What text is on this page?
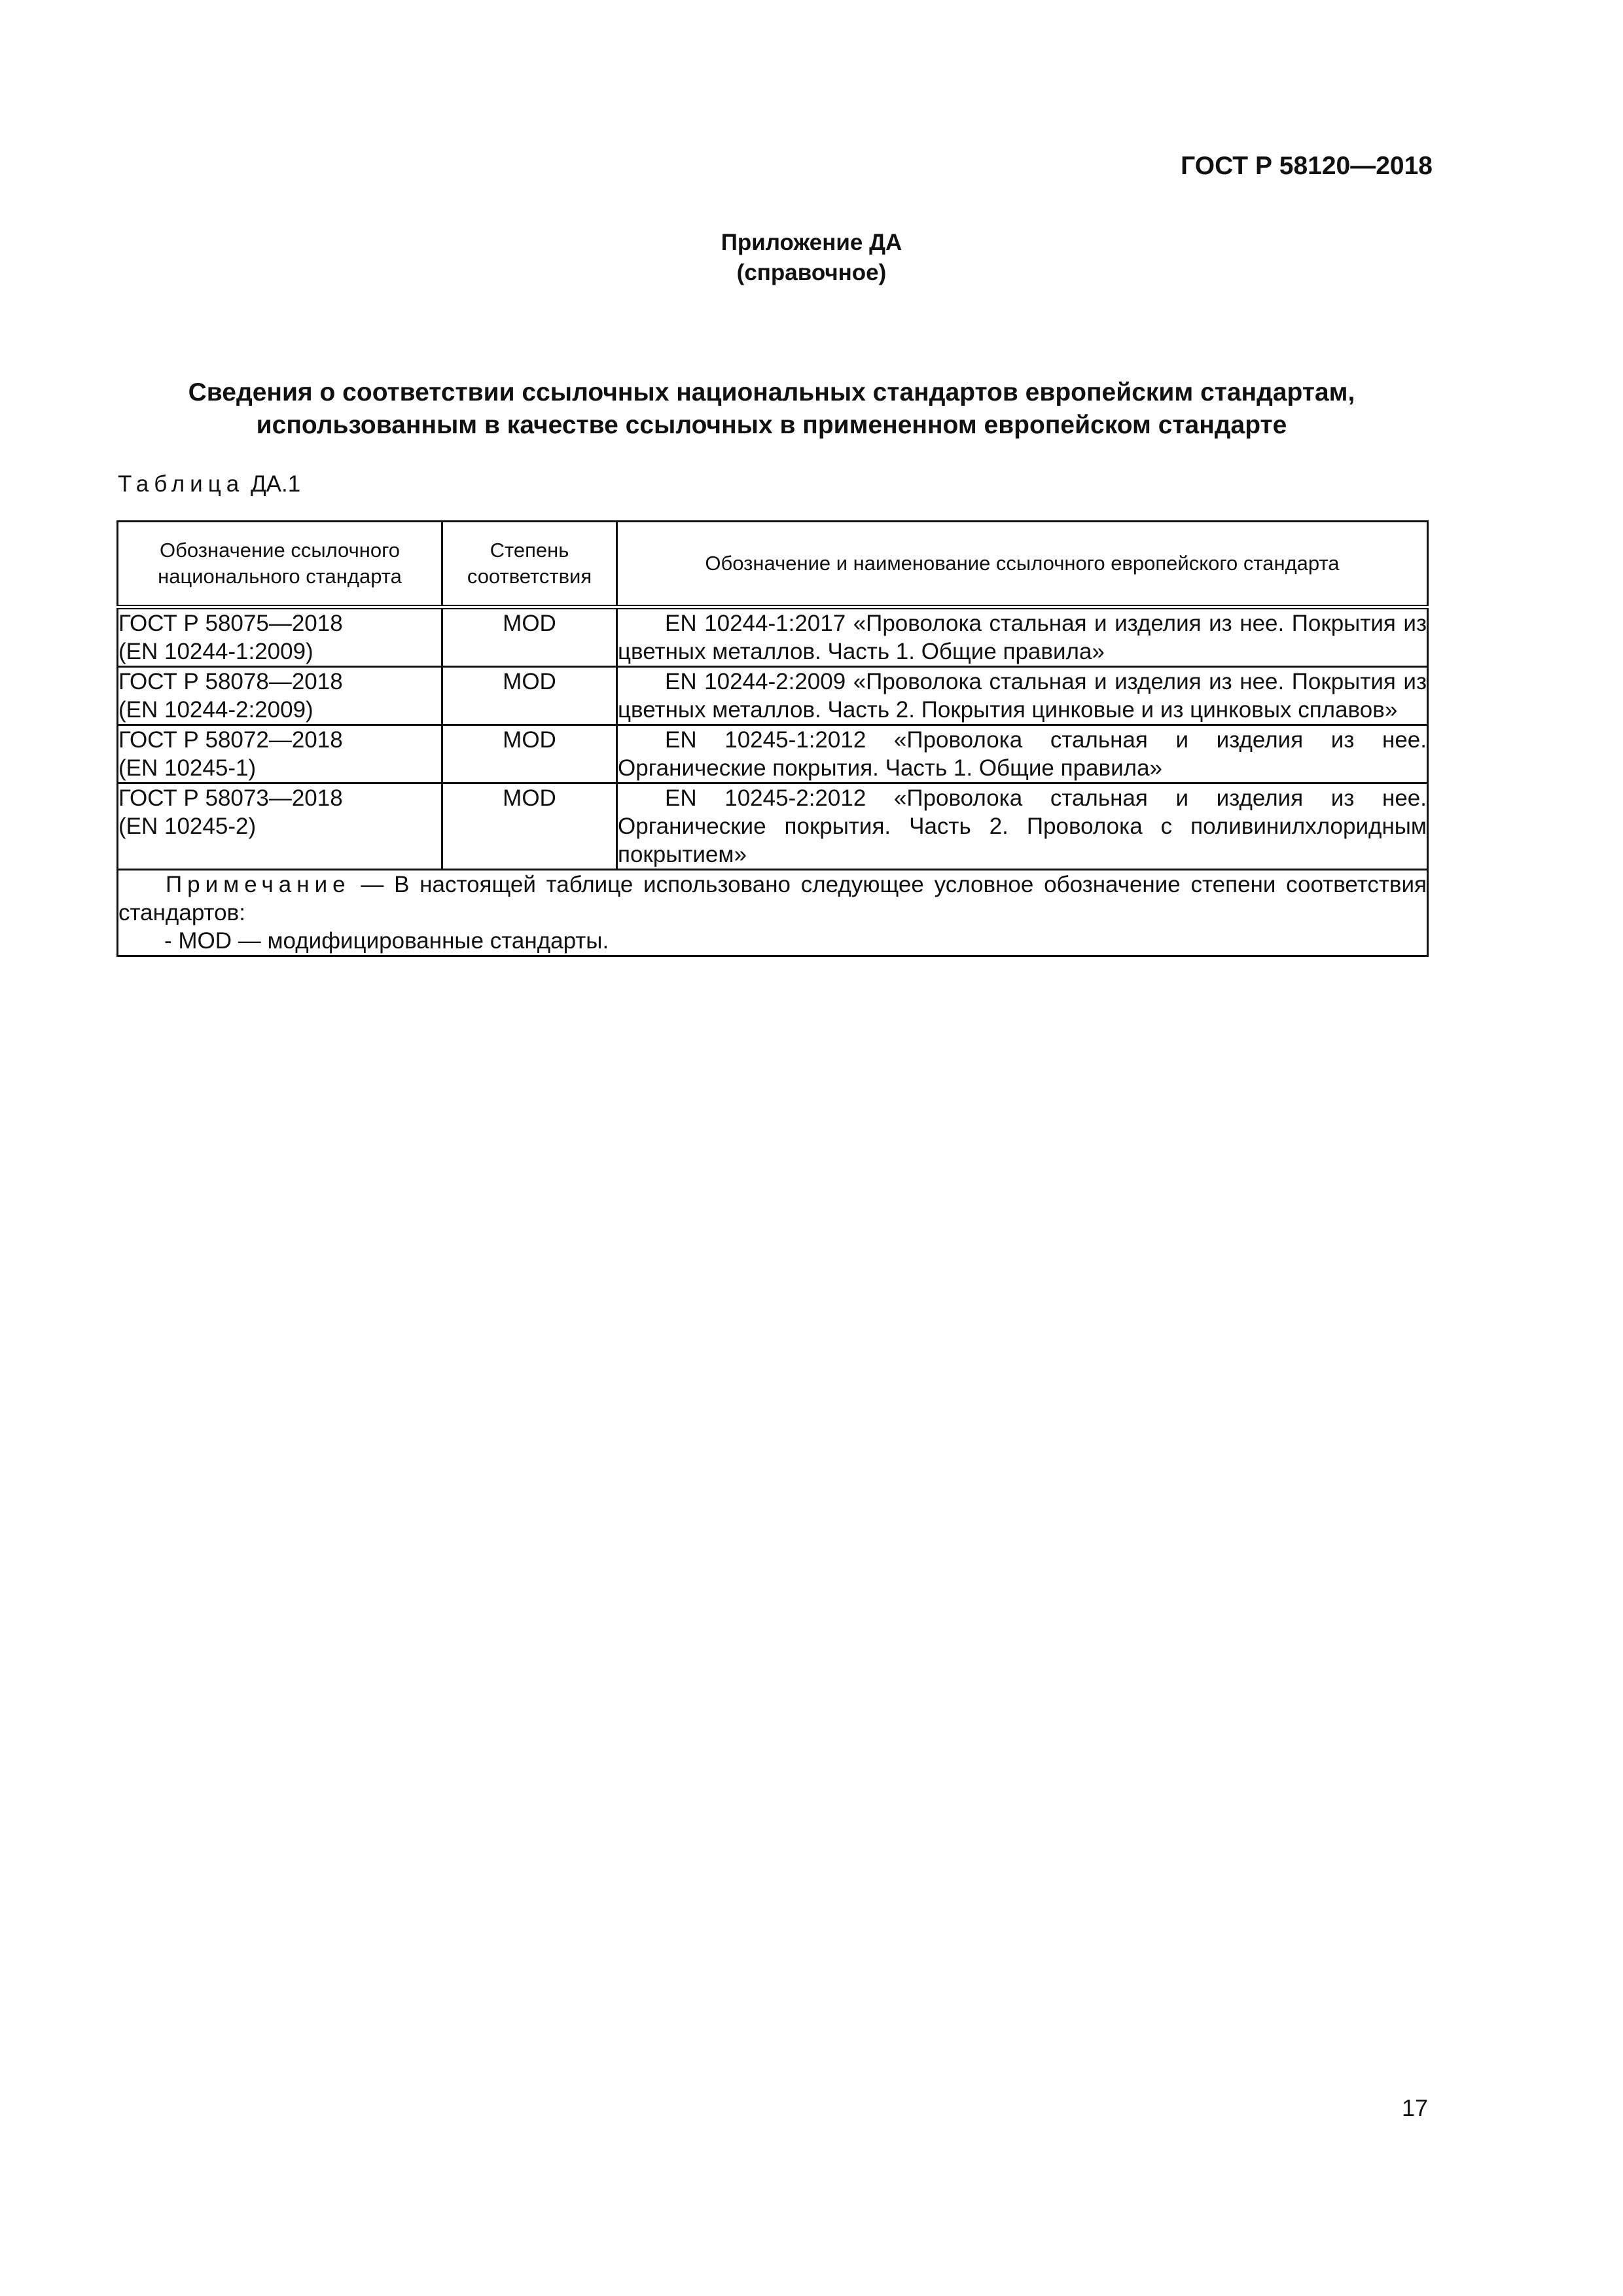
ГОСТ Р 58120—2018
Приложение ДА
(справочное)
Сведения о соответствии ссылочных национальных стандартов европейским стандартам,
использованным в качестве ссылочных в примененном европейском стандарте
Таблица ДА.1
Обозначение ссылочного национального стандарта	Степень соответствия	Обозначение и наименование ссылочного европейского стандарта

ГОСТ Р 58075—2018
(EN 10244-1:2009)	MOD	EN 10244-1:2017 «Проволока стальная и изделия из нее. Покрытия из цветных металлов. Часть 1. Общие правила»

ГОСТ Р 58078—2018
(EN 10244-2:2009)	MOD	EN 10244-2:2009 «Проволока стальная и изделия из нее. Покрытия из цветных металлов. Часть 2. Покрытия цинковые и из цинковых сплавов»

ГОСТ Р 58072—2018
(EN 10245-1)	MOD	EN 10245-1:2012 «Проволока стальная и изделия из нее. Органические покрытия. Часть 1. Общие правила»

ГОСТ Р 58073—2018
(EN 10245-2)	MOD	EN 10245-2:2012 «Проволока стальная и изделия из нее. Органические покрытия. Часть 2. Проволока с поливинилхлоридным покрытием»

Примечание — В настоящей таблице использовано следующее условное обозначение степени соответствия стандартов:
- MOD — модифицированные стандарты.		
17
